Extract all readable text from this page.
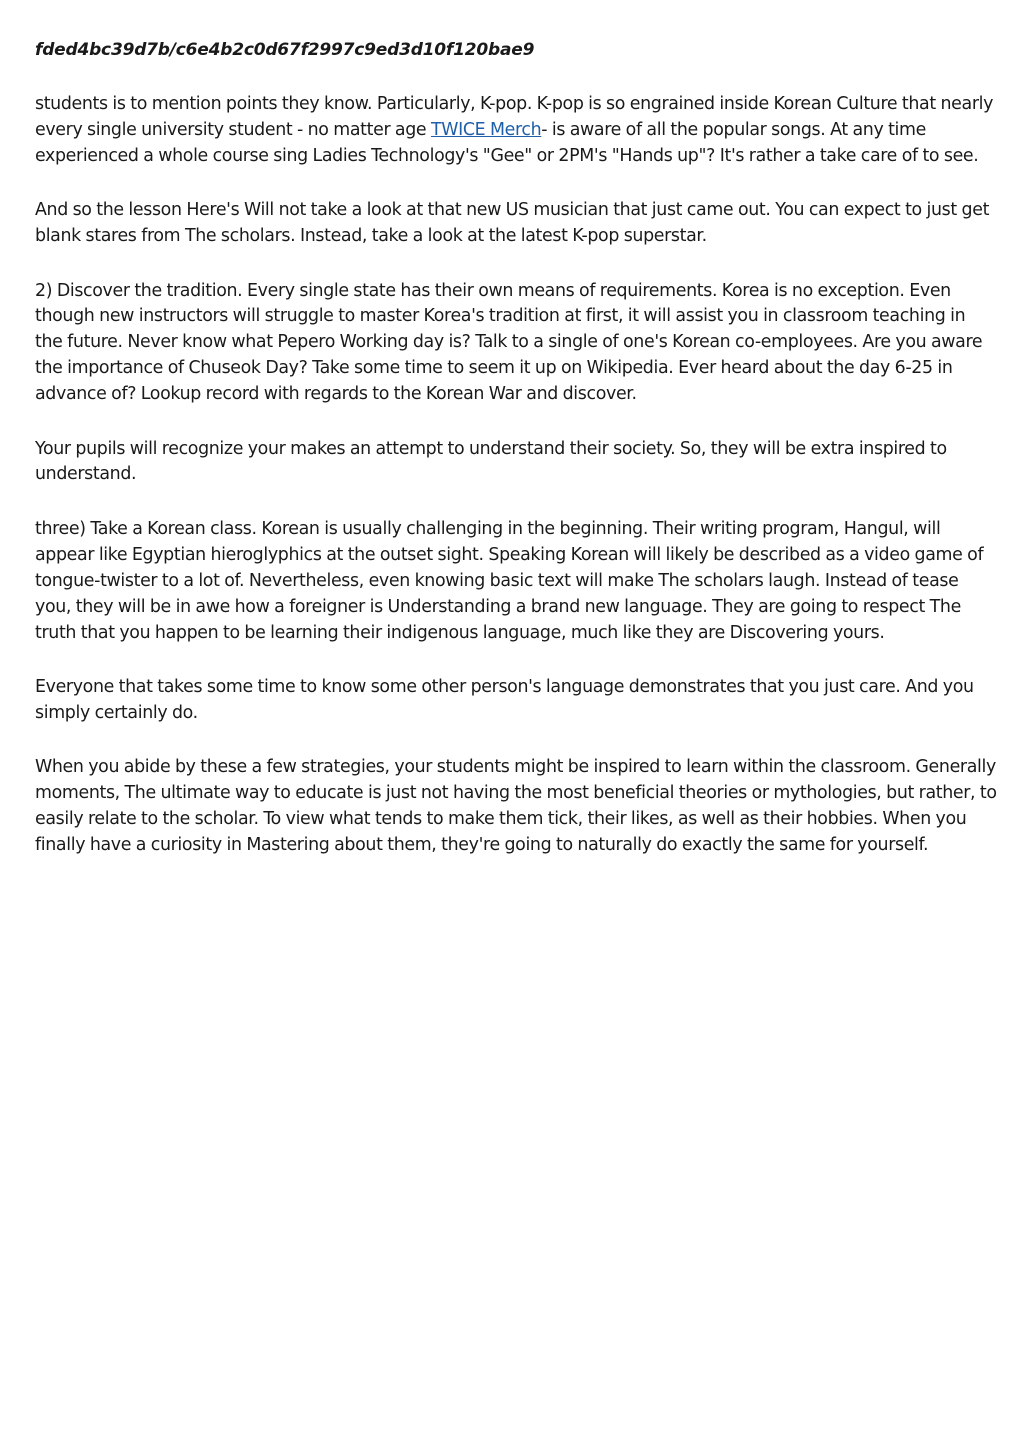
fded4bc39d7b/c6e4b2c0d67f2997c9ed3d10f120bae9

students is to mention points they know. Particularly, K-pop. K-pop is so engrained inside Korean Culture that nearly every single university student - no matter age TWICE Merch- is aware of all the popular songs. At any time experienced a whole course sing Ladies Technology's "Gee" or 2PM's "Hands up"? It's rather a take care of to see.

And so the lesson Here's Will not take a look at that new US musician that just came out. You can expect to just get blank stares from The scholars. Instead, take a look at the latest K-pop superstar.

2) Discover the tradition. Every single state has their own means of requirements. Korea is no exception. Even though new instructors will struggle to master Korea's tradition at first, it will assist you in classroom teaching in the future. Never know what Pepero Working day is? Talk to a single of one's Korean co-employees. Are you aware the importance of Chuseok Day? Take some time to seem it up on Wikipedia. Ever heard about the day 6-25 in advance of? Lookup record with regards to the Korean War and discover.

Your pupils will recognize your makes an attempt to understand their society. So, they will be extra inspired to understand.

three) Take a Korean class. Korean is usually challenging in the beginning. Their writing program, Hangul, will appear like Egyptian hieroglyphics at the outset sight. Speaking Korean will likely be described as a video game of tongue-twister to a lot of. Nevertheless, even knowing basic text will make The scholars laugh. Instead of tease you, they will be in awe how a foreigner is Understanding a brand new language. They are going to respect The truth that you happen to be learning their indigenous language, much like they are Discovering yours.

Everyone that takes some time to know some other person's language demonstrates that you just care. And you simply certainly do.

When you abide by these a few strategies, your students might be inspired to learn within the classroom. Generally moments, The ultimate way to educate is just not having the most beneficial theories or mythologies, but rather, to easily relate to the scholar. To view what tends to make them tick, their likes, as well as their hobbies. When you finally have a curiosity in Mastering about them, they're going to naturally do exactly the same for yourself.
